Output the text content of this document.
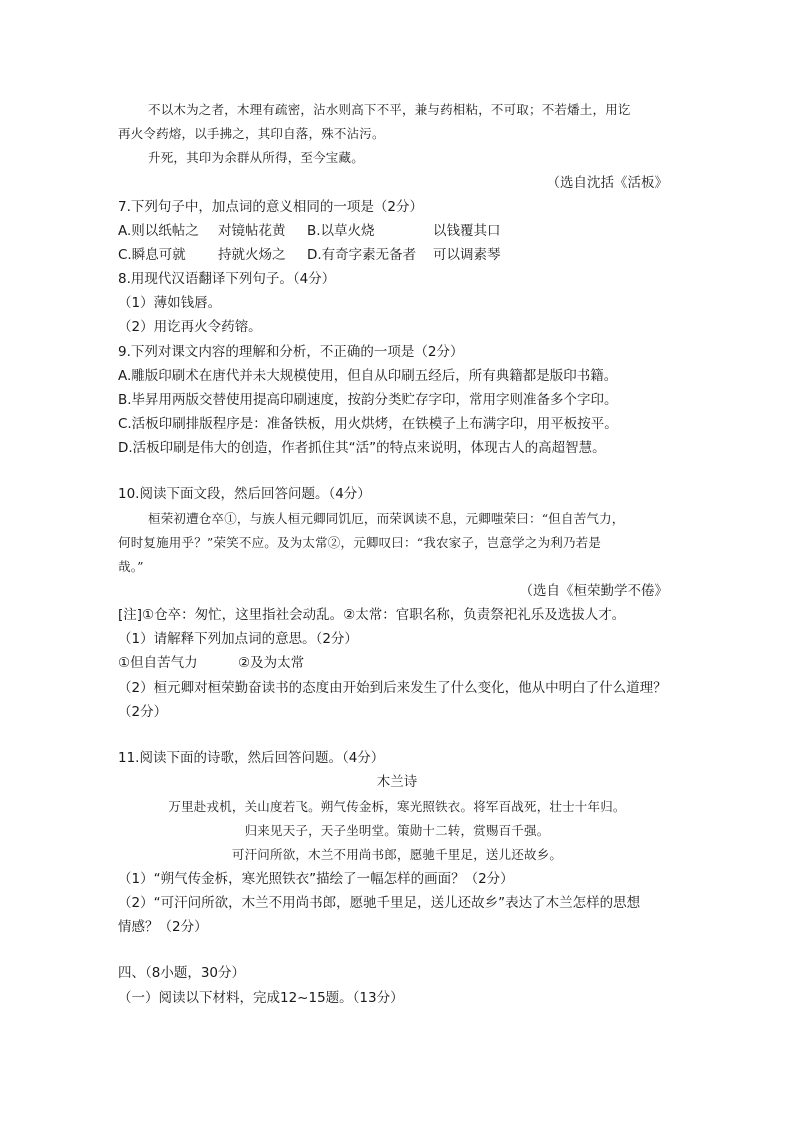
不以木为之者，木理有疏密，沾水则高下不平，兼与药相粘，不可取；不若燔土，用讫
再火令药熔，以手拂之，其印自落，殊不沾污。
升死，其印为余群从所得，至今宝藏。
（选自沈括《活板》
7.下列句子中，加点词的意义相同的一项是（2分）
A.则以纸帖之 对镜帖花黄 B.以草火烧	以钱覆其口
C.瞬息可就 持就火炀之 D.有奇字素无备者 可以调素琴
8.用现代汉语翻译下列句子。（4分）
（1）薄如钱唇。
（2）用讫再火令药镕。
9.下列对课文内容的理解和分析，不正确的一项是（2分）
A.雕版印刷术在唐代并未大规模使用，但自从印刷五经后，所有典籍都是版印书籍。
B.毕昇用两版交替使用提高印刷速度，按韵分类贮存字印，常用字则准备多个字印。
C.活板印刷排版程序是：准备铁板，用火烘烤，在铁模子上布满字印，用平板按平。
D.活板印刷是伟大的创造，作者抓住其“活”的特点来说明，体现古人的高超智慧。
10.阅读下面文段，然后回答问题。（4分）
桓荣初遭仓卒①，与族人桓元卿同饥厄，而荣讽读不息，元卿嗤荣曰：“但自苦气力，
何时复施用乎？”荣笑不应。及为太常②，元卿叹曰：“我农家子，岂意学之为利乃若是
哉。”
（选自《桓荣勤学不倦》
[注]①仓卒：匆忙，这里指社会动乱。②太常：官职名称，负责祭祀礼乐及选拔人才。
（1）请解释下列加点词的意思。（2分）
①但自苦气力	②及为太常
（2）桓元卿对桓荣勤奋读书的态度由开始到后来发生了什么变化，他从中明白了什么道理？
（2分）
11.阅读下面的诗歌，然后回答问题。（4分）
木兰诗
万里赴戎机，关山度若飞。朔气传金柝，寒光照铁衣。将军百战死，壮士十年归。
归来见天子，天子坐明堂。策勋十二转，赏赐百千强。
可汗问所欲，木兰不用尚书郎，愿驰千里足，送儿还故乡。
（1）“朔气传金柝，寒光照铁衣”描绘了一幅怎样的画面？（2分）
（2）“可汗问所欲，木兰不用尚书郎，愿驰千里足，送儿还故乡”表达了木兰怎样的思想
情感？（2分）
四、（8小题，30分）
（一）阅读以下材料，完成12~15题。（13分）
